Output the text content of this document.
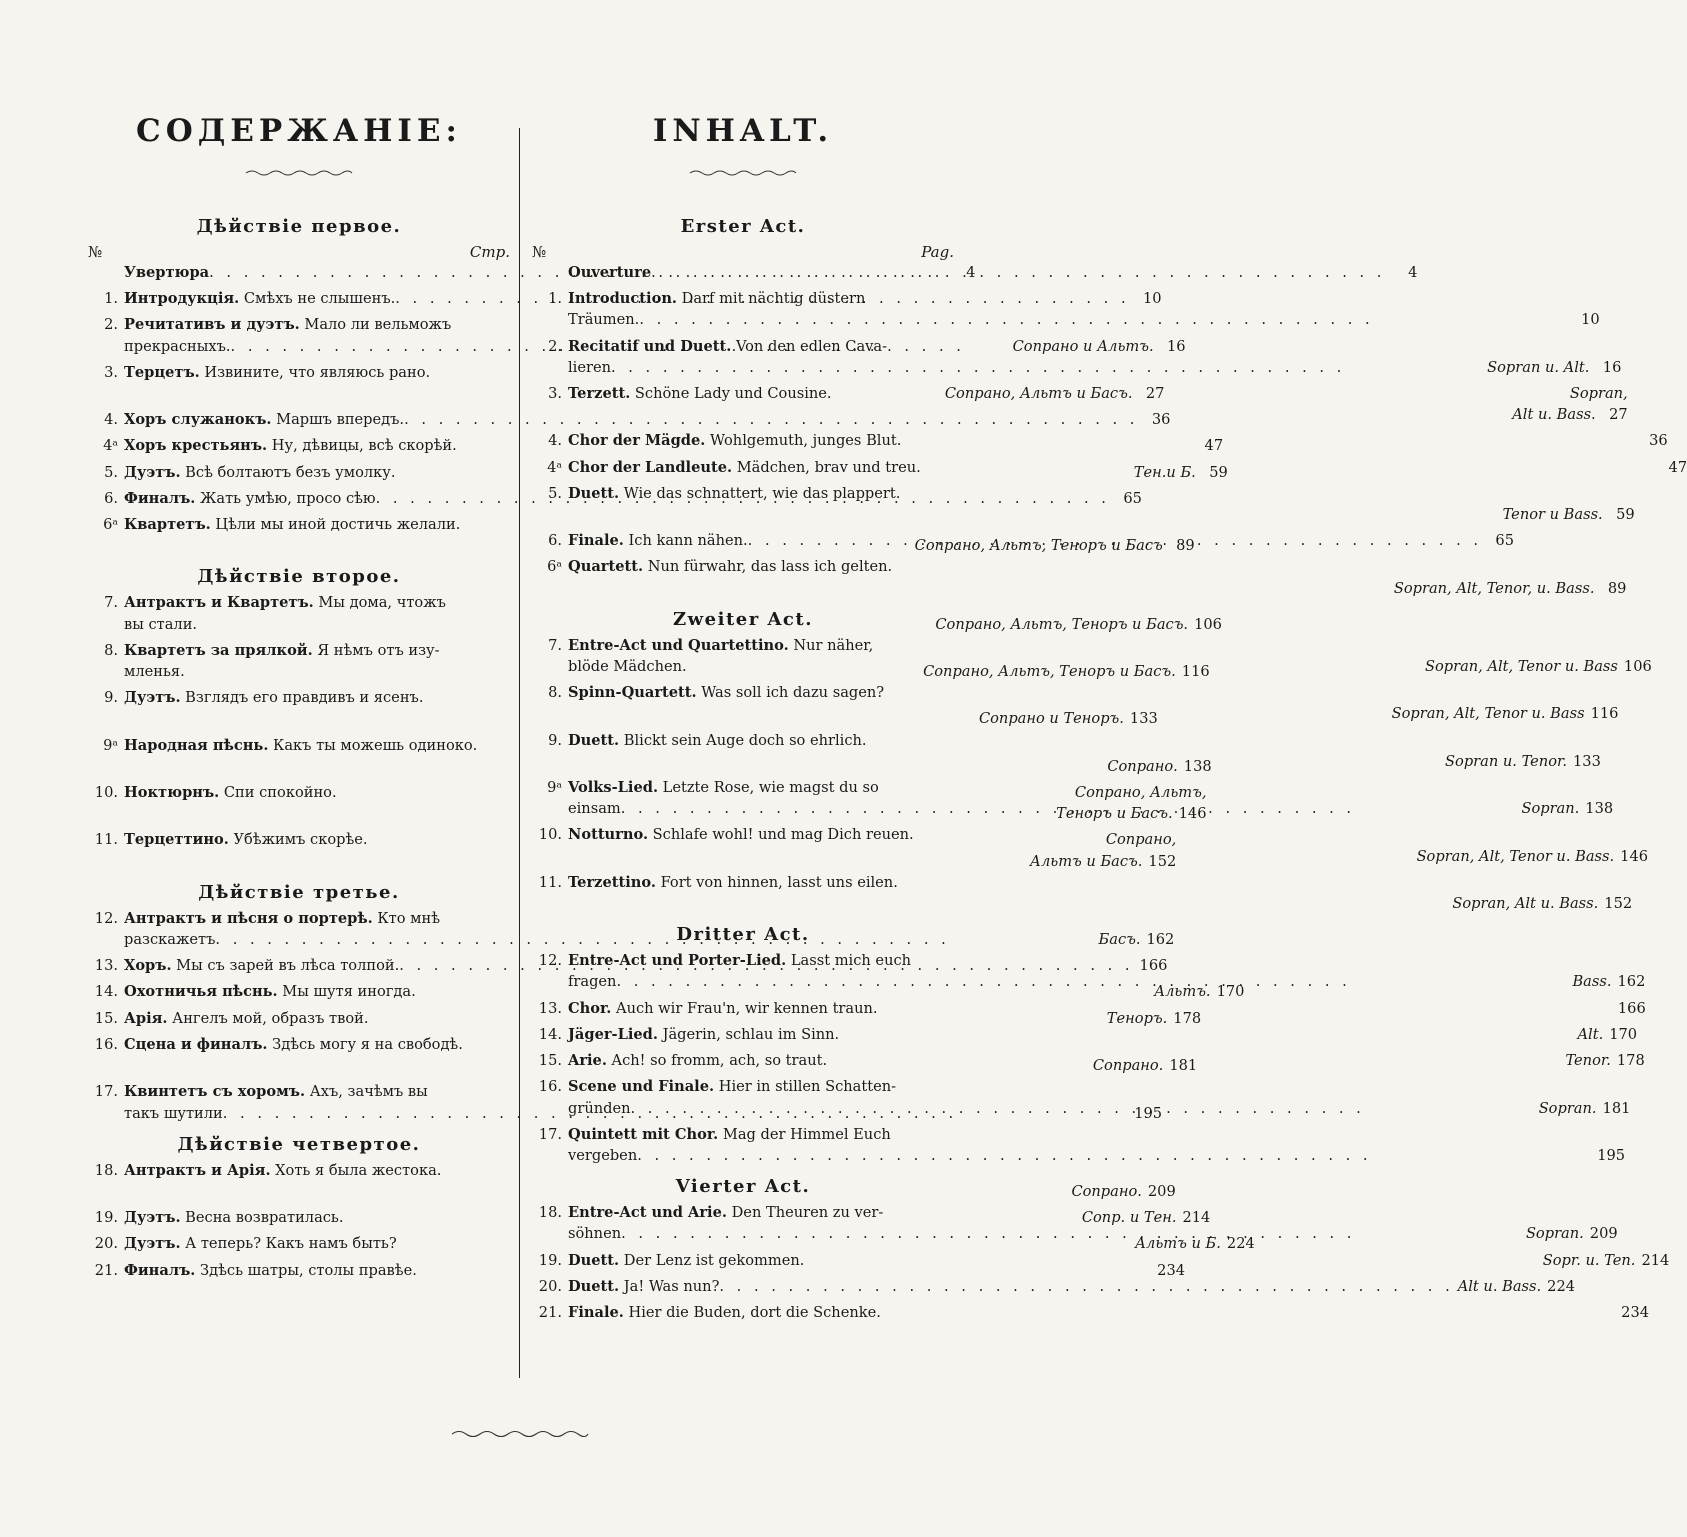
СОДЕРЖАНІЕ:
Дѣйствіе первое.
№	Стр.
Увертюра . . .	4
1. Интродукція. Смѣхъ не слышенъ. . . .	10
2. Речитативъ и дуэтъ. Мало ли вельможъ
прекрасныхъ. . . .	Сопрано и Альтъ. 16
3. Терцетъ. Извините, что являюсь рано.
Сопрано, Альтъ и Басъ. 27
4. Хоръ служанокъ. Маршъ впередъ. . . .	36
4ᵃ Хоръ крестьянъ. Ну, дѣвицы, всѣ скорѣй.	47
5. Дуэтъ. Всѣ болтаютъ безъ умолку.	Тен.и Б. 59
6. Финалъ. Жать умѣю, просо сѣю . . .	65
6ᵃ Квартетъ. Цѣли мы иной достичь желали.
Сопрано, Альтъ, Теноръ и Басъ 89
Дѣйствіе второе.
7. Антрактъ и Квартетъ. Мы дома, чтожъ
вы стали.	Сопрано, Альтъ, Теноръ и Басъ. 106
8. Квартетъ за прялкой. Я нѣмъ отъ изу-
мленья.	Сопрано, Альтъ, Теноръ и Басъ. 116
9. Дуэтъ. Взглядъ его правдивъ и ясенъ.
Сопрано и Теноръ. 133
9ᵃ Народная пѣснь. Какъ ты можешь одиноко.
Сопрано. 138
10. Ноктюрнъ. Спи спокойно.	Сопрано, Альтъ,
Теноръ и Басъ. 146
11. Терцеттино. Убѣжимъ скорѣе.	Сопрано,
Альтъ и Басъ. 152
Дѣйствіе третье.
12. Антрактъ и пѣсня о портерѣ. Кто мнѣ
разскажетъ . . .	Басъ. 162
13. Хоръ. Мы съ зарей въ лѣса толпой. . . .	166
14. Охотничья пѣснь. Мы шутя иногда.	Альтъ. 170
15. Арія. Ангелъ мой, образъ твой.	Теноръ. 178
16. Сцена и финалъ. Здѣсь могу я на свободѣ.
Сопрано. 181
17. Квинтетъ съ хоромъ. Ахъ, зачѣмъ вы
такъ шутили . . .	195
Дѣйствіе четвертое.
18. Антрактъ и Арія. Хоть я была жестока.
Сопрано. 209
19. Дуэтъ. Весна возвратилась.	Сопр. и Тен. 214
20. Дуэтъ. А теперь? Какъ намъ быть?	Альтъ и Б. 224
21. Финалъ. Здѣсь шатры, столы правѣе.	234
INHALT.
Erster Act.
№	Pag.
Ouverture . . .	4
1. Introduction. Darf mit nächtig düstern
Träumen. . . .	10
2. Recitatif und Duett. Von den edlen Cava-
lieren . . .	Sopran u. Alt. 16
3. Terzett. Schöne Lady und Cousine.	Sopran,
Alt u. Bass. 27
4. Chor der Mägde. Wohlgemuth, junges Blut.	36
4ᵃ Chor der Landleute. Mädchen, brav und treu.	47
5. Duett. Wie das schnattert, wie das plappert.
Tenor u Bass. 59
6. Finale. Ich kann nähen. . . .	65
6ᵃ Quartett. Nun fürwahr, das lass ich gelten.
Sopran, Alt, Tenor, u. Bass. 89
Zweiter Act.
7. Entre-Act und Quartettino. Nur näher,
blöde Mädchen.	Sopran, Alt, Tenor u. Bass 106
8. Spinn-Quartett. Was soll ich dazu sagen?
Sopran, Alt, Tenor u. Bass 116
9. Duett. Blickt sein Auge doch so ehrlich.
Sopran u. Tenor. 133
9ᵃ Volks-Lied. Letzte Rose, wie magst du so
einsam . . .	Sopran. 138
10. Notturno. Schlafe wohl! und mag Dich reuen.
Sopran, Alt, Tenor u. Bass. 146
11. Terzettino. Fort von hinnen, lasst uns eilen.
Sopran, Alt u. Bass. 152
Dritter Act.
12. Entre-Act und Porter-Lied. Lasst mich euch
fragen . . .	Bass. 162
13. Chor. Auch wir Frau'n, wir kennen traun.	166
14. Jäger-Lied. Jägerin, schlau im Sinn.	Alt. 170
15. Arie. Ach! so fromm, ach, so traut.	Tenor. 178
16. Scene und Finale. Hier in stillen Schatten-
gründen . . .	Sopran. 181
17. Quintett mit Chor. Mag der Himmel Euch
vergeben . . .	195
Vierter Act.
18. Entre-Act und Arie. Den Theuren zu ver-
söhnen . . .	Sopran. 209
19. Duett. Der Lenz ist gekommen.	Sopr. u. Ten. 214
20. Duett. Ja! Was nun? . . .	Alt u. Bass. 224
21. Finale. Hier die Buden, dort die Schenke.	234
